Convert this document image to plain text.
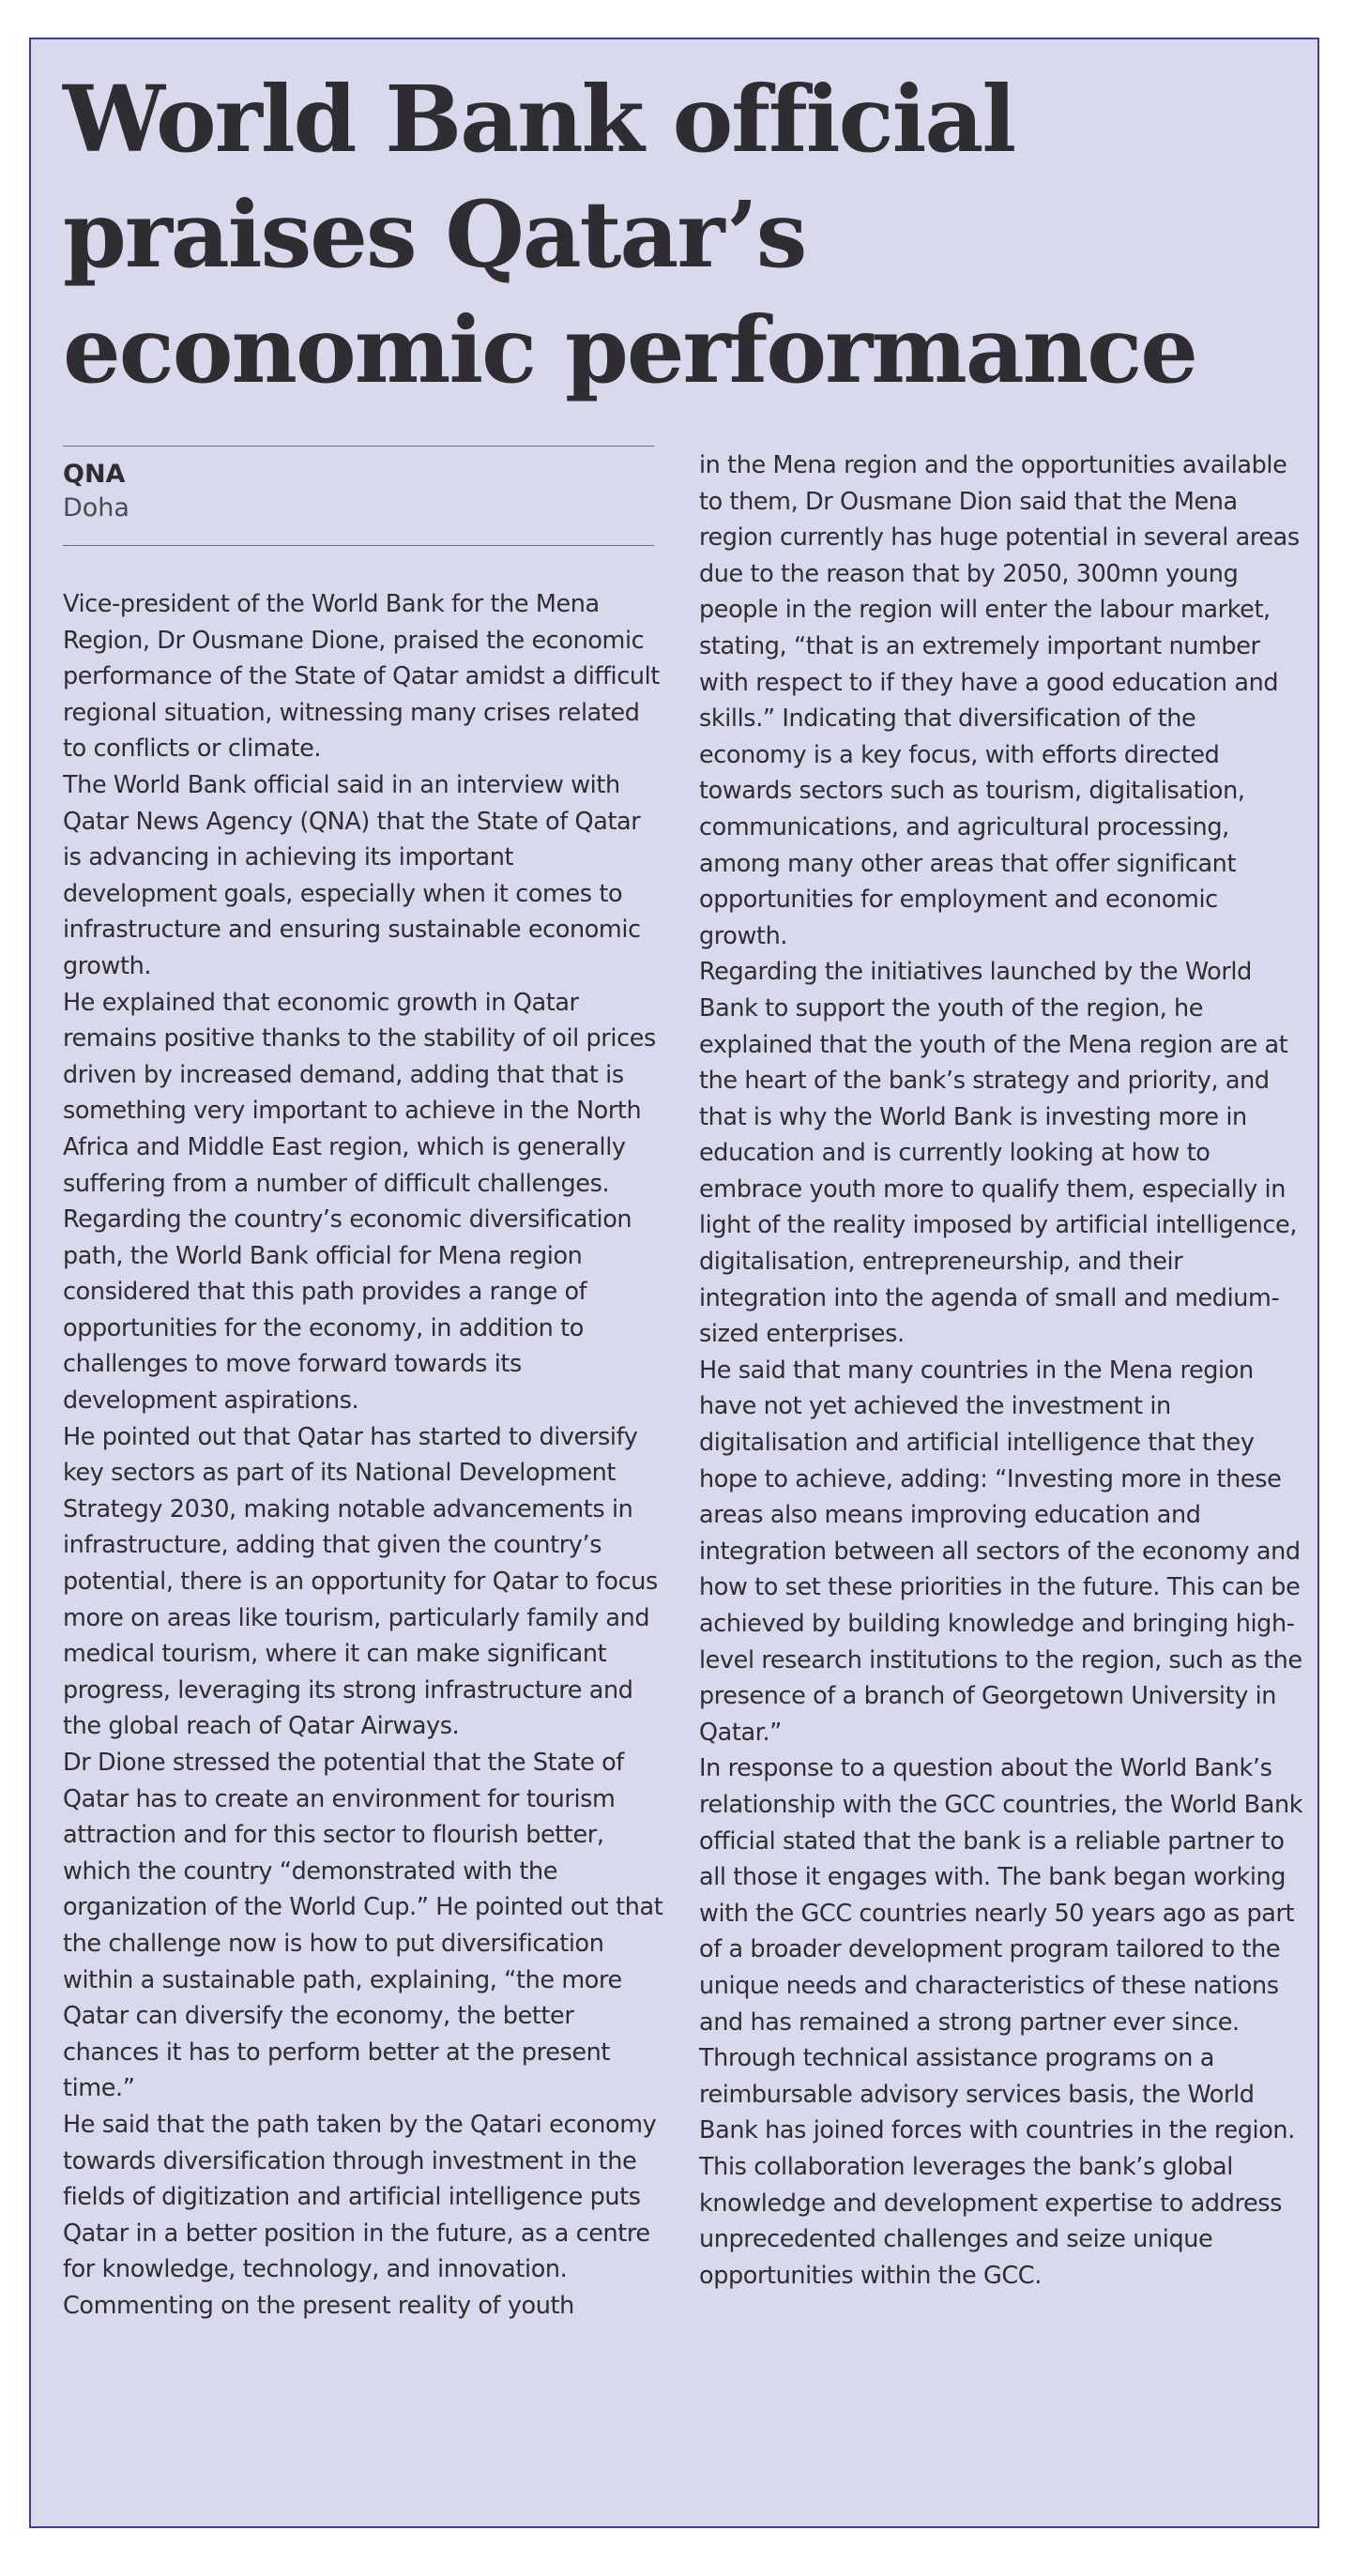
World Bank official praises Qatar’s economic performance
QNA
Doha

Vice-president of the World Bank for the Mena Region, Dr Ousmane Dione, praised the economic performance of the State of Qatar amidst a difficult regional situation, witnessing many crises related to conflicts or climate.

The World Bank official said in an interview with Qatar News Agency (QNA) that the State of Qatar is advancing in achieving its important development goals, especially when it comes to infrastructure and ensuring sustainable economic growth.

He explained that economic growth in Qatar remains positive thanks to the stability of oil prices driven by increased demand, adding that that is something very important to achieve in the North Africa and Middle East region, which is generally suffering from a number of difficult challenges.

Regarding the country’s economic diversification path, the World Bank official for Mena region considered that this path provides a range of opportunities for the economy, in addition to challenges to move forward towards its development aspirations.

He pointed out that Qatar has started to diversify key sectors as part of its National Development Strategy 2030, making notable advancements in infrastructure, adding that given the country’s potential, there is an opportunity for Qatar to focus more on areas like tourism, particularly family and medical tourism, where it can make significant progress, leveraging its strong infrastructure and the global reach of Qatar Airways.

Dr Dione stressed the potential that the State of Qatar has to create an environment for tourism attraction and for this sector to flourish better, which the country “demonstrated with the organization of the World Cup.” He pointed out that the challenge now is how to put diversification within a sustainable path, explaining, “the more Qatar can diversify the economy, the better chances it has to perform better at the present time.”

He said that the path taken by the Qatari economy towards diversification through investment in the fields of digitization and artificial intelligence puts Qatar in a better position in the future, as a centre for knowledge, technology, and innovation.

Commenting on the present reality of youth

in the Mena region and the opportunities available to them, Dr Ousmane Dion said that the Mena region currently has huge potential in several areas due to the reason that by 2050, 300mn young people in the region will enter the labour market, stating, “that is an extremely important number with respect to if they have a good education and skills.” Indicating that diversification of the economy is a key focus, with efforts directed towards sectors such as tourism, digitalisation, communications, and agricultural processing, among many other areas that offer significant opportunities for employment and economic growth.

Regarding the initiatives launched by the World Bank to support the youth of the region, he explained that the youth of the Mena region are at the heart of the bank’s strategy and priority, and that is why the World Bank is investing more in education and is currently looking at how to embrace youth more to qualify them, especially in light of the reality imposed by artificial intelligence, digitalisation, entrepreneurship, and their integration into the agenda of small and medium-sized enterprises.

He said that many countries in the Mena region have not yet achieved the investment in digitalisation and artificial intelligence that they hope to achieve, adding: “Investing more in these areas also means improving education and integration between all sectors of the economy and how to set these priorities in the future. This can be achieved by building knowledge and bringing high-level research institutions to the region, such as the presence of a branch of Georgetown University in Qatar.”

In response to a question about the World Bank’s relationship with the GCC countries, the World Bank official stated that the bank is a reliable partner to all those it engages with. The bank began working with the GCC countries nearly 50 years ago as part of a broader development program tailored to the unique needs and characteristics of these nations and has remained a strong partner ever since.

Through technical assistance programs on a reimbursable advisory services basis, the World Bank has joined forces with countries in the region. This collaboration leverages the bank’s global knowledge and development expertise to address unprecedented challenges and seize unique opportunities within the GCC.
